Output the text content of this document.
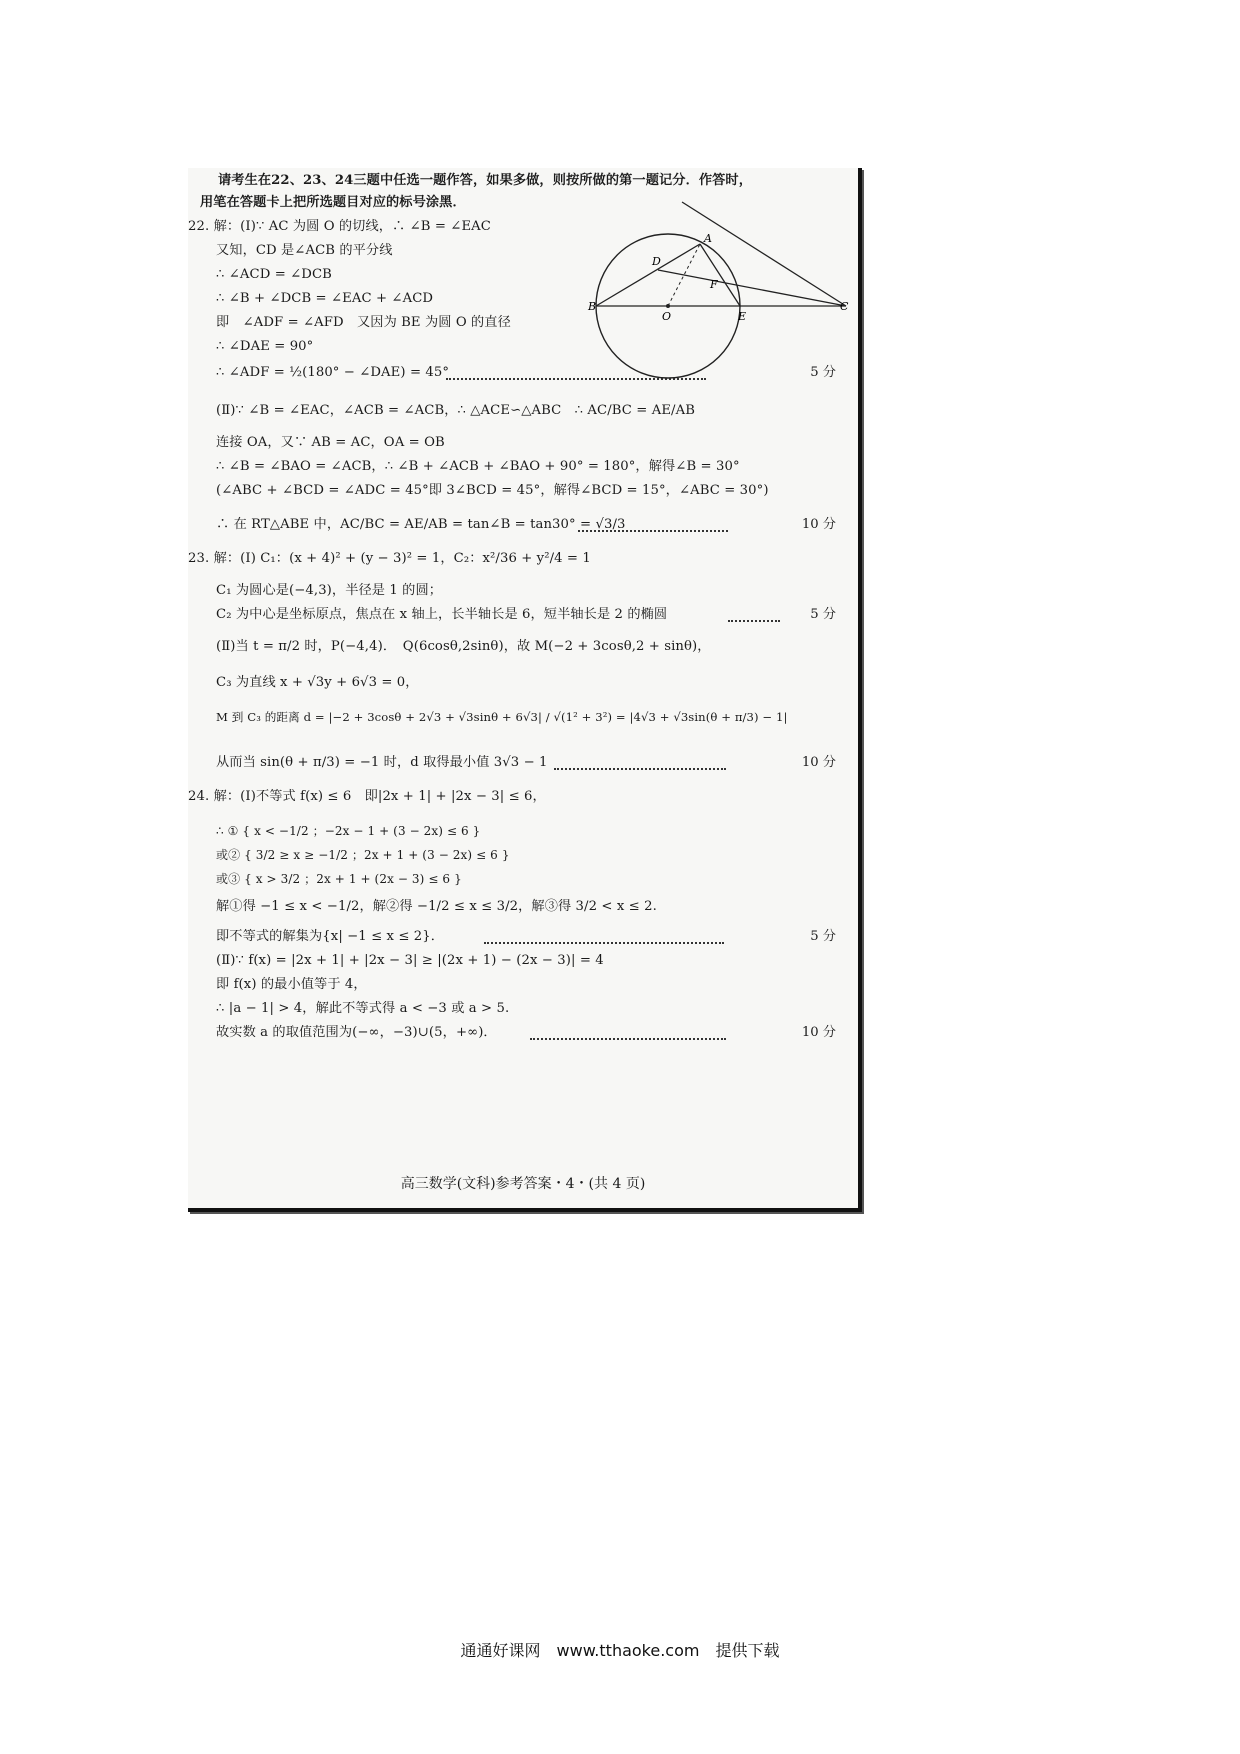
请考生在22、23、24三题中任选一题作答，如果多做，则按所做的第一题记分．作答时，
用笔在答题卡上把所选题目对应的标号涂黑．
22. 解：(Ⅰ)∵ AC 为圆 O 的切线，∴ ∠B = ∠EAC
又知，CD 是∠ACB 的平分线
∴ ∠ACD = ∠DCB
∴ ∠B + ∠DCB = ∠EAC + ∠ACD
即　∠ADF = ∠AFD　又因为 BE 为圆 O 的直径
∴ ∠DAE = 90°
∴ ∠ADF = ½(180° − ∠DAE) = 45°	5 分
(Ⅱ)∵ ∠B = ∠EAC，∠ACB = ∠ACB，∴ △ACE∽△ABC　∴ AC/BC = AE/AB
连接 OA，又∵ AB = AC，OA = OB
∴ ∠B = ∠BAO = ∠ACB，∴ ∠B + ∠ACB + ∠BAO + 90° = 180°，解得∠B = 30°
(∠ABC + ∠BCD = ∠ADC = 45°即 3∠BCD = 45°，解得∠BCD = 15°，∠ABC = 30°)
∴ 在 RT△ABE 中，AC/BC = AE/AB = tan∠B = tan30° = √3/3	10 分
A
D
F
B
O	E
C
23. 解：(Ⅰ) C₁：(x + 4)² + (y − 3)² = 1，C₂：x²/36 + y²/4 = 1
C₁ 为圆心是(−4,3)，半径是 1 的圆；
C₂ 为中心是坐标原点，焦点在 x 轴上，长半轴长是 6，短半轴长是 2 的椭圆	5 分
(Ⅱ)当 t = π/2 时，P(−4,4)．　Q(6cosθ,2sinθ)，故 M(−2 + 3cosθ,2 + sinθ)，
C₃ 为直线 x + √3y + 6√3 = 0，
M 到 C₃ 的距离 d = |−2 + 3cosθ + 2√3 + √3sinθ + 6√3| / √(1² + 3²) = |4√3 + √3sin(θ + π/3) − 1|
从而当 sin(θ + π/3) = −1 时，d 取得最小值 3√3 − 1	10 分
24. 解：(Ⅰ)不等式 f(x) ≤ 6　即|2x + 1| + |2x − 3| ≤ 6，
∴ ① { x < −1/2 ；−2x − 1 + (3 − 2x) ≤ 6 }
或② { 3/2 ≥ x ≥ −1/2 ；2x + 1 + (3 − 2x) ≤ 6 }
或③ { x > 3/2 ；2x + 1 + (2x − 3) ≤ 6 }
解①得 −1 ≤ x < −1/2，解②得 −1/2 ≤ x ≤ 3/2，解③得 3/2 < x ≤ 2.
即不等式的解集为{x| −1 ≤ x ≤ 2}．	5 分
(Ⅱ)∵ f(x) = |2x + 1| + |2x − 3| ≥ |(2x + 1) − (2x − 3)| = 4
即 f(x) 的最小值等于 4，
∴ |a − 1| > 4，解此不等式得 a < −3 或 a > 5.
故实数 a 的取值范围为(−∞，−3)∪(5，+∞)．	10 分
高三数学(文科)参考答案・4・(共 4 页)
通通好课网　www.tthaoke.com　提供下载
